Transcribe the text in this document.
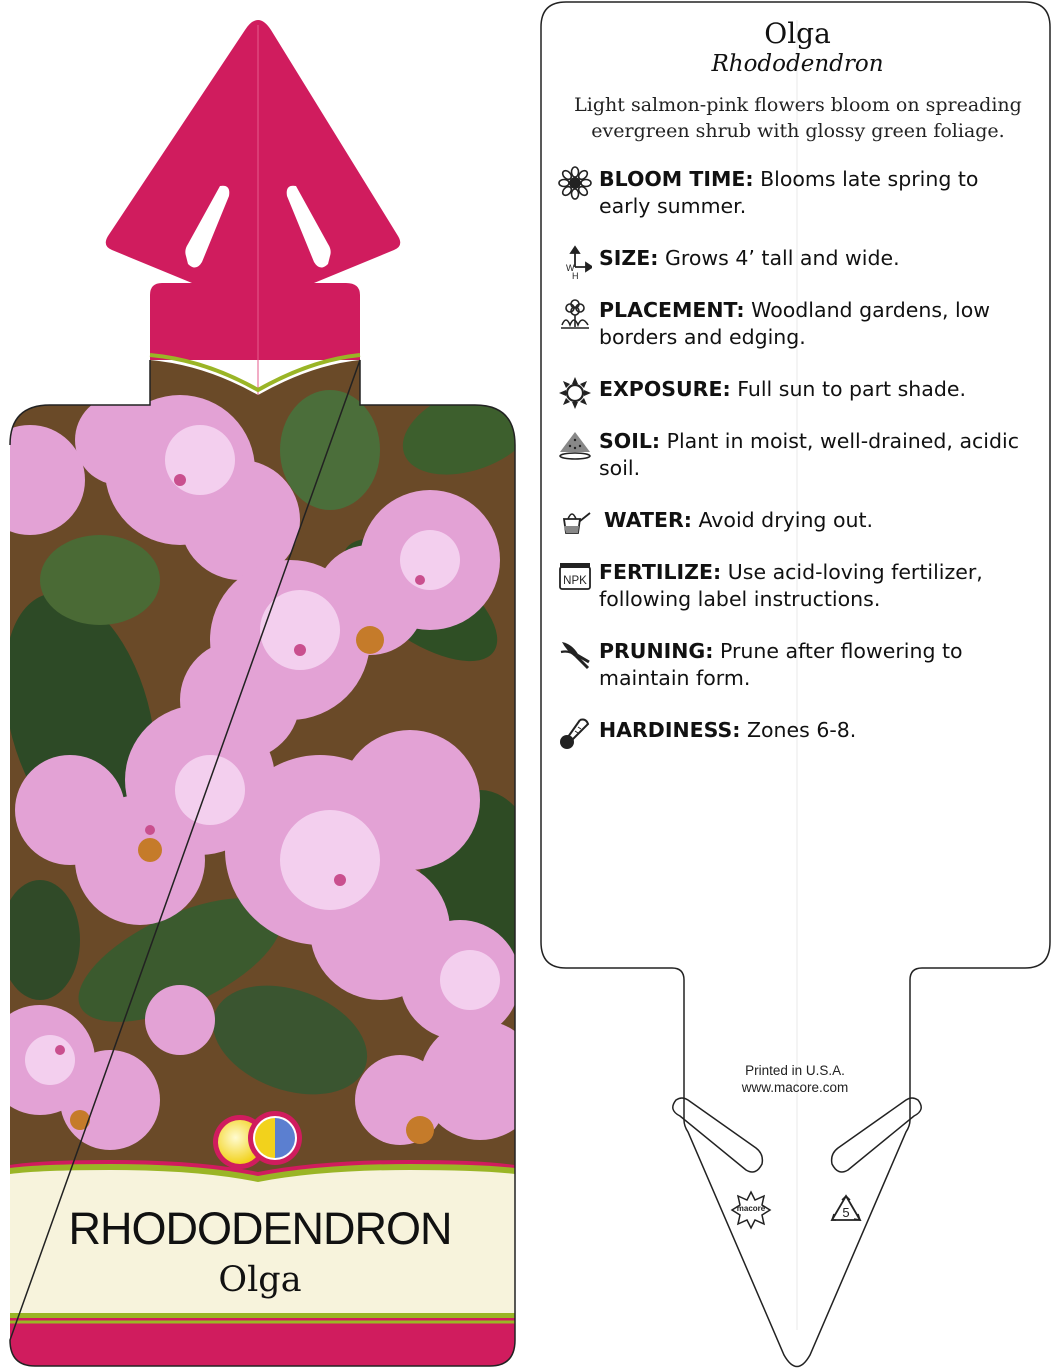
RHODODENDRON
Olga
Olga
Rhododendron
Light salmon-pink flowers bloom on spreading evergreen shrub with glossy green foliage.
BLOOM TIME: Blooms late spring to early summer.
W
H
SIZE: Grows 4’ tall and wide.
PLACEMENT: Woodland gardens, low borders and edging.
EXPOSURE: Full sun to part shade.
SOIL: Plant in moist, well-drained, acidic soil.
WATER: Avoid drying out.
NPK FERTILIZE: Use acid-loving fertilizer, following label instructions.
PRUNING: Prune after flowering to maintain form.
HARDINESS: Zones 6-8.
Printed in U.S.A.
www.macore.com
macore	5
